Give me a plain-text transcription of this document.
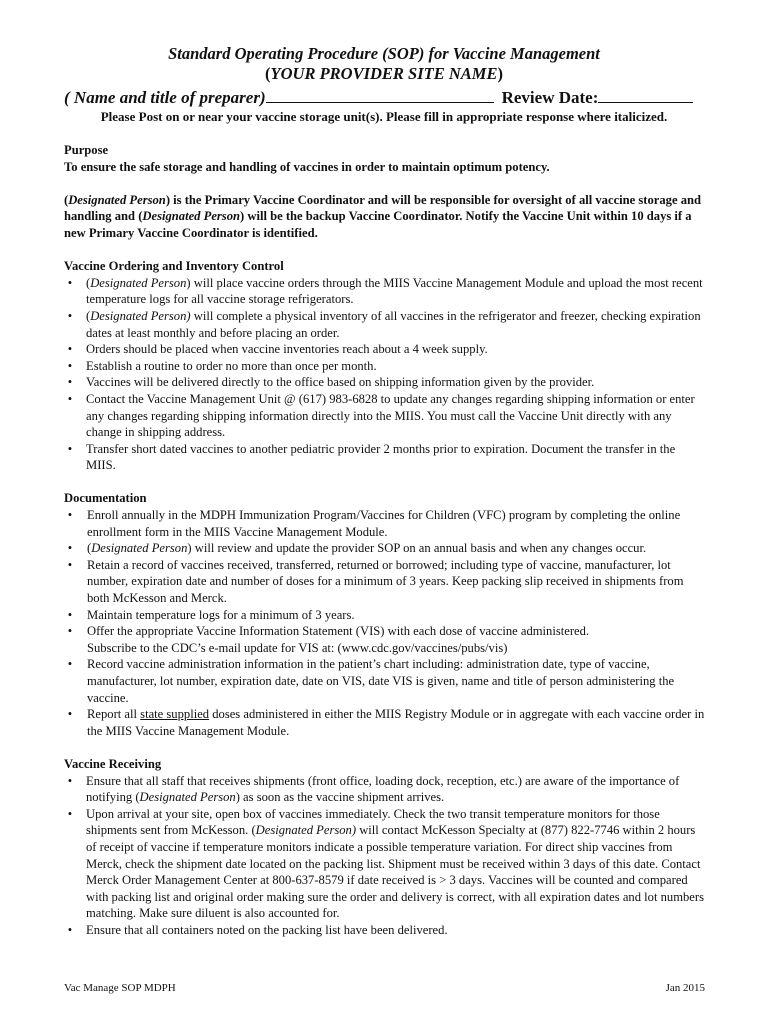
Standard Operating Procedure (SOP) for Vaccine Management
(YOUR PROVIDER SITE NAME)
( Name and title of preparer)	Review Date:
Please Post on or near your vaccine storage unit(s). Please fill in appropriate response where italicized.
Purpose
To ensure the safe storage and handling of vaccines in order to maintain optimum potency.
(Designated Person) is the Primary Vaccine Coordinator and will be responsible for oversight of all vaccine storage and handling and (Designated Person) will be the backup Vaccine Coordinator. Notify the Vaccine Unit within 10 days if a new Primary Vaccine Coordinator is identified.
Vaccine Ordering and Inventory Control
•	(Designated Person) will place vaccine orders through the MIIS Vaccine Management Module and upload the most recent temperature logs for all vaccine storage refrigerators.
•	(Designated Person) will complete a physical inventory of all vaccines in the refrigerator and freezer, checking expiration dates at least monthly and before placing an order.
•	Orders should be placed when vaccine inventories reach about a 4 week supply.
•	Establish a routine to order no more than once per month.
•	Vaccines will be delivered directly to the office based on shipping information given by the provider.
•	Contact the Vaccine Management Unit @ (617) 983-6828 to update any changes regarding shipping information or enter any changes regarding shipping information directly into the MIIS. You must call the Vaccine Unit directly with any change in shipping address.
•	Transfer short dated vaccines to another pediatric provider 2 months prior to expiration. Document the transfer in the MIIS.
Documentation
•	Enroll annually in the MDPH Immunization Program/Vaccines for Children (VFC) program by completing the online enrollment form in the MIIS Vaccine Management Module.
•	(Designated Person) will review and update the provider SOP on an annual basis and when any changes occur.
•	Retain a record of vaccines received, transferred, returned or borrowed; including type of vaccine, manufacturer, lot number, expiration date and number of doses for a minimum of 3 years. Keep packing slip received in shipments from both McKesson and Merck.
•	Maintain temperature logs for a minimum of 3 years.
•	Offer the appropriate Vaccine Information Statement (VIS) with each dose of vaccine administered.
Subscribe to the CDC’s e-mail update for VIS at: (www.cdc.gov/vaccines/pubs/vis)
•	Record vaccine administration information in the patient’s chart including: administration date, type of vaccine, manufacturer, lot number, expiration date, date on VIS, date VIS is given, name and title of person administering the vaccine.
•	Report all state supplied doses administered in either the MIIS Registry Module or in aggregate with each vaccine order in the MIIS Vaccine Management Module.
Vaccine Receiving
•	Ensure that all staff that receives shipments (front office, loading dock, reception, etc.) are aware of the importance of notifying (Designated Person) as soon as the vaccine shipment arrives.
•	Upon arrival at your site, open box of vaccines immediately. Check the two transit temperature monitors for those shipments sent from McKesson. (Designated Person) will contact McKesson Specialty at (877) 822-7746 within 2 hours of receipt of vaccine if temperature monitors indicate a possible temperature variation. For direct ship vaccines from Merck, check the shipment date located on the packing list. Shipment must be received within 3 days of this date. Contact Merck Order Management Center at 800-637-8579 if date received is > 3 days. Vaccines will be counted and compared with packing list and original order making sure the order and delivery is correct, with all expiration dates and lot numbers matching. Make sure diluent is also accounted for.
•	Ensure that all containers noted on the packing list have been delivered.
Vac Manage SOP MDPH	Jan 2015
